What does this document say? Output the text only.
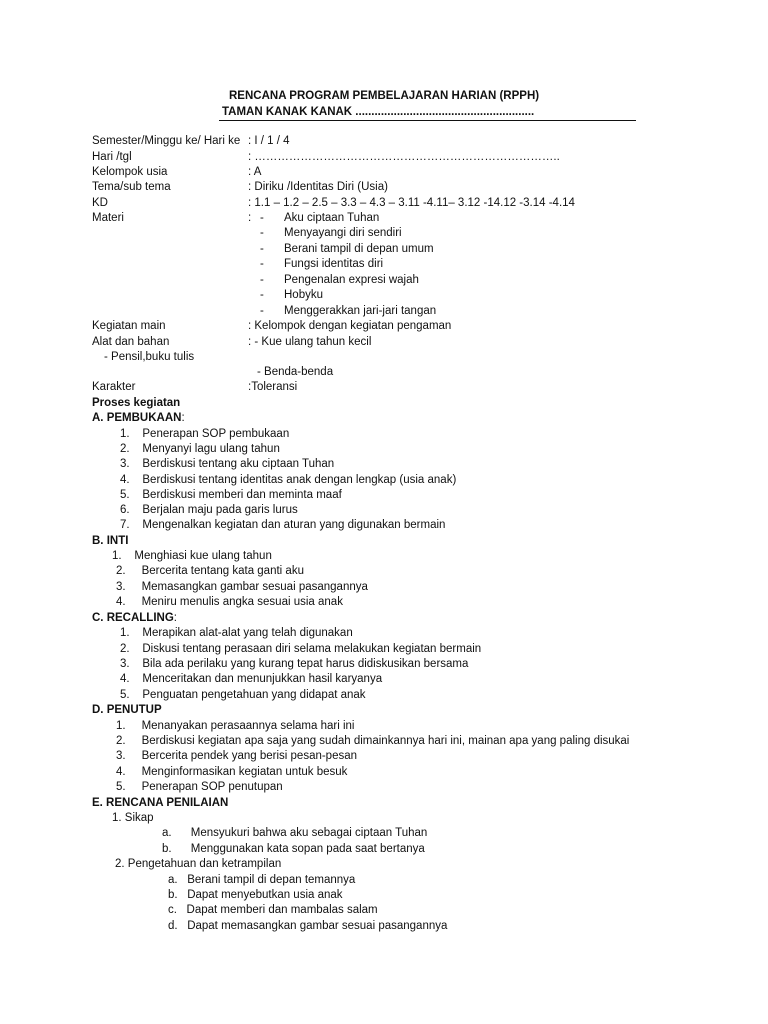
RENCANA PROGRAM PEMBELAJARAN HARIAN (RPPH)
TAMAN KANAK KANAK ........................................................
Semester/Minggu ke/ Hari ke : I / 1 / 4
Hari /tgl	: ……………………………………………………………………..
Kelompok usia	: A
Tema/sub tema	: Diriku /Identitas Diri (Usia)
KD	: 1.1 – 1.2 – 2.5 – 3.3 – 4.3 – 3.11 -4.11– 3.12 -14.12 -3.14 -4.14
Materi	: - Aku ciptaan Tuhan
- Menyayangi diri sendiri
- Berani tampil di depan umum
- Fungsi identitas diri
- Pengenalan expresi wajah
- Hobyku
- Menggerakkan jari-jari tangan
Kegiatan main	: Kelompok dengan kegiatan pengaman
Alat dan bahan	: - Kue ulang tahun kecil
- Pensil,buku tulis
- Benda-benda
Karakter	:Toleransi
Proses kegiatan
A. PEMBUKAAN:
1.    Penerapan SOP pembukaan
2.    Menyanyi lagu ulang tahun
3.    Berdiskusi tentang aku ciptaan Tuhan
4.    Berdiskusi tentang identitas anak dengan lengkap (usia anak)
5.    Berdiskusi memberi dan meminta maaf
6.    Berjalan maju pada garis lurus
7.    Mengenalkan kegiatan dan aturan yang digunakan bermain
B. INTI
1.    Menghiasi kue ulang tahun
2.     Bercerita tentang kata ganti aku
3.     Memasangkan gambar sesuai pasangannya
4.     Meniru menulis angka sesuai usia anak
C. RECALLING:
1.    Merapikan alat-alat yang telah digunakan
2.    Diskusi tentang perasaan diri selama melakukan kegiatan bermain
3.    Bila ada perilaku yang kurang tepat harus didiskusikan bersama
4.    Menceritakan dan menunjukkan hasil karyanya
5.    Penguatan pengetahuan yang didapat anak
D. PENUTUP
1.     Menanyakan perasaannya selama hari ini
2.     Berdiskusi kegiatan apa saja yang sudah dimainkannya hari ini, mainan apa yang paling disukai
3.     Bercerita pendek yang berisi pesan-pesan
4.     Menginformasikan kegiatan untuk besuk
5.     Penerapan SOP penutupan
E. RENCANA PENILAIAN
1. Sikap
a.      Mensyukuri bahwa aku sebagai ciptaan Tuhan
b.      Menggunakan kata sopan pada saat bertanya
2. Pengetahuan dan ketrampilan
a.   Berani tampil di depan temannya
b.   Dapat menyebutkan usia anak
c.   Dapat memberi dan mambalas salam
d.   Dapat memasangkan gambar sesuai pasangannya
